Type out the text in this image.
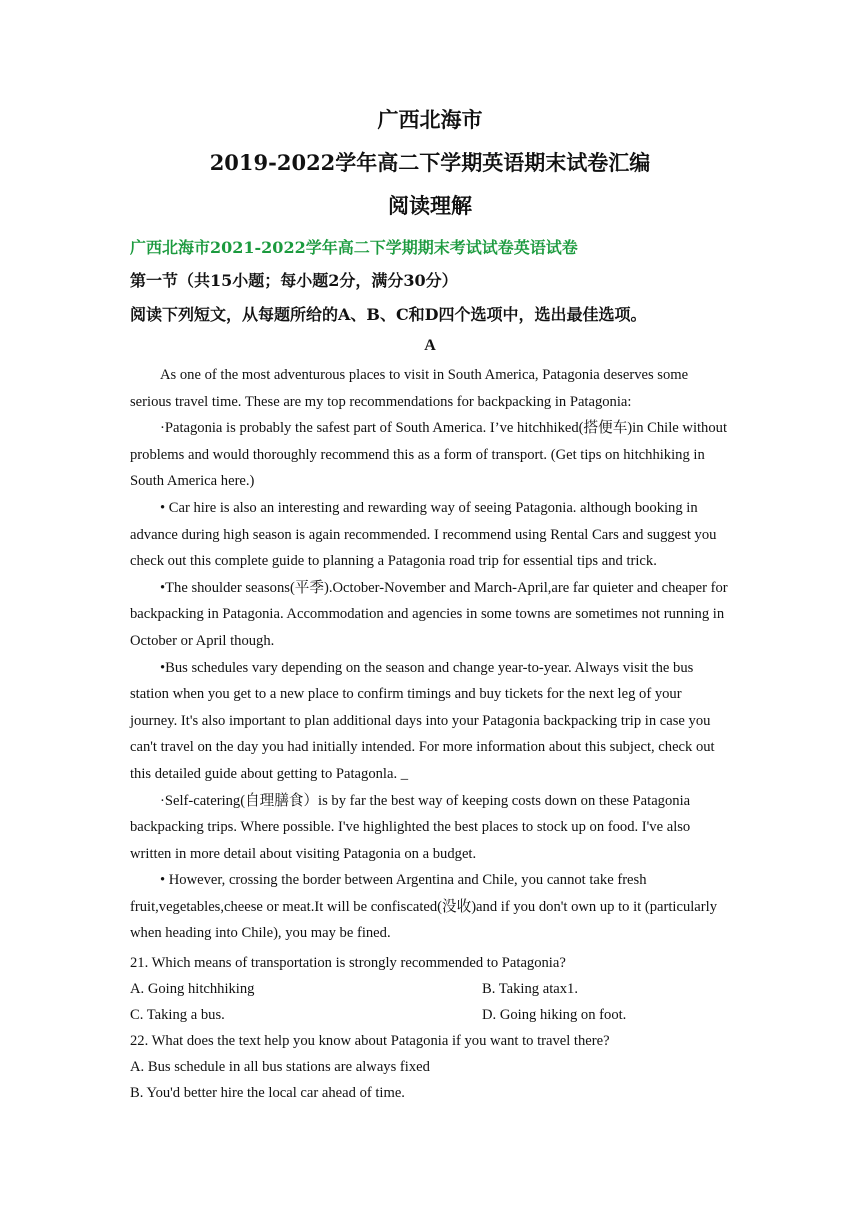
广西北海市
2019-2022学年高二下学期英语期末试卷汇编
阅读理解

广西北海市2021-2022学年高二下学期期末考试试卷英语试卷

第一节（共15小题；每小题2分，满分30分）

阅读下列短文，从每题所给的A、B、C和D四个选项中，选出最佳选项。

A

As one of the most adventurous places to visit in South America, Patagonia deserves some serious travel time. These are my top recommendations for backpacking in Patagonia:

·Patagonia is probably the safest part of South America. I’ve hitchhiked(搭便车)in Chile without problems and would thoroughly recommend this as a form of transport. (Get tips on hitchhiking in South America here.)

• Car hire is also an interesting and rewarding way of seeing Patagonia. although booking in advance during high season is again recommended. I recommend using Rental Cars and suggest you check out this complete guide to planning a Patagonia road trip for essential tips and trick.

•The shoulder seasons(平季).October-November and March-April,are far quieter and cheaper for backpacking in Patagonia. Accommodation and agencies in some towns are sometimes not running in October or April though.

•Bus schedules vary depending on the season and change year-to-year. Always visit the bus station when you get to a new place to confirm timings and buy tickets for the next leg of your journey. It's also important to plan additional days into your Patagonia backpacking trip in case you can't travel on the day you had initially intended. For more information about this subject, check out this detailed guide about getting to Patagonla. _

·Self-catering(自理膳食）is by far the best way of keeping costs down on these Patagonia backpacking trips. Where possible. I've highlighted the best places to stock up on food. I've also written in more detail about visiting Patagonia on a budget.

• However, crossing the border between Argentina and Chile, you cannot take fresh fruit,vegetables,cheese or meat.It will be confiscated(没收)and if you don't own up to it (particularly when heading into Chile), you may be fined.

21. Which means of transportation is strongly recommended to Patagonia?

A. Going hitchhiking	B. Taking atax1.
C. Taking a bus.	D. Going hiking on foot.

22. What does the text help you know about Patagonia if you want to travel there?

A. Bus schedule in all bus stations are always fixed

B. You'd better hire the local car ahead of time.
